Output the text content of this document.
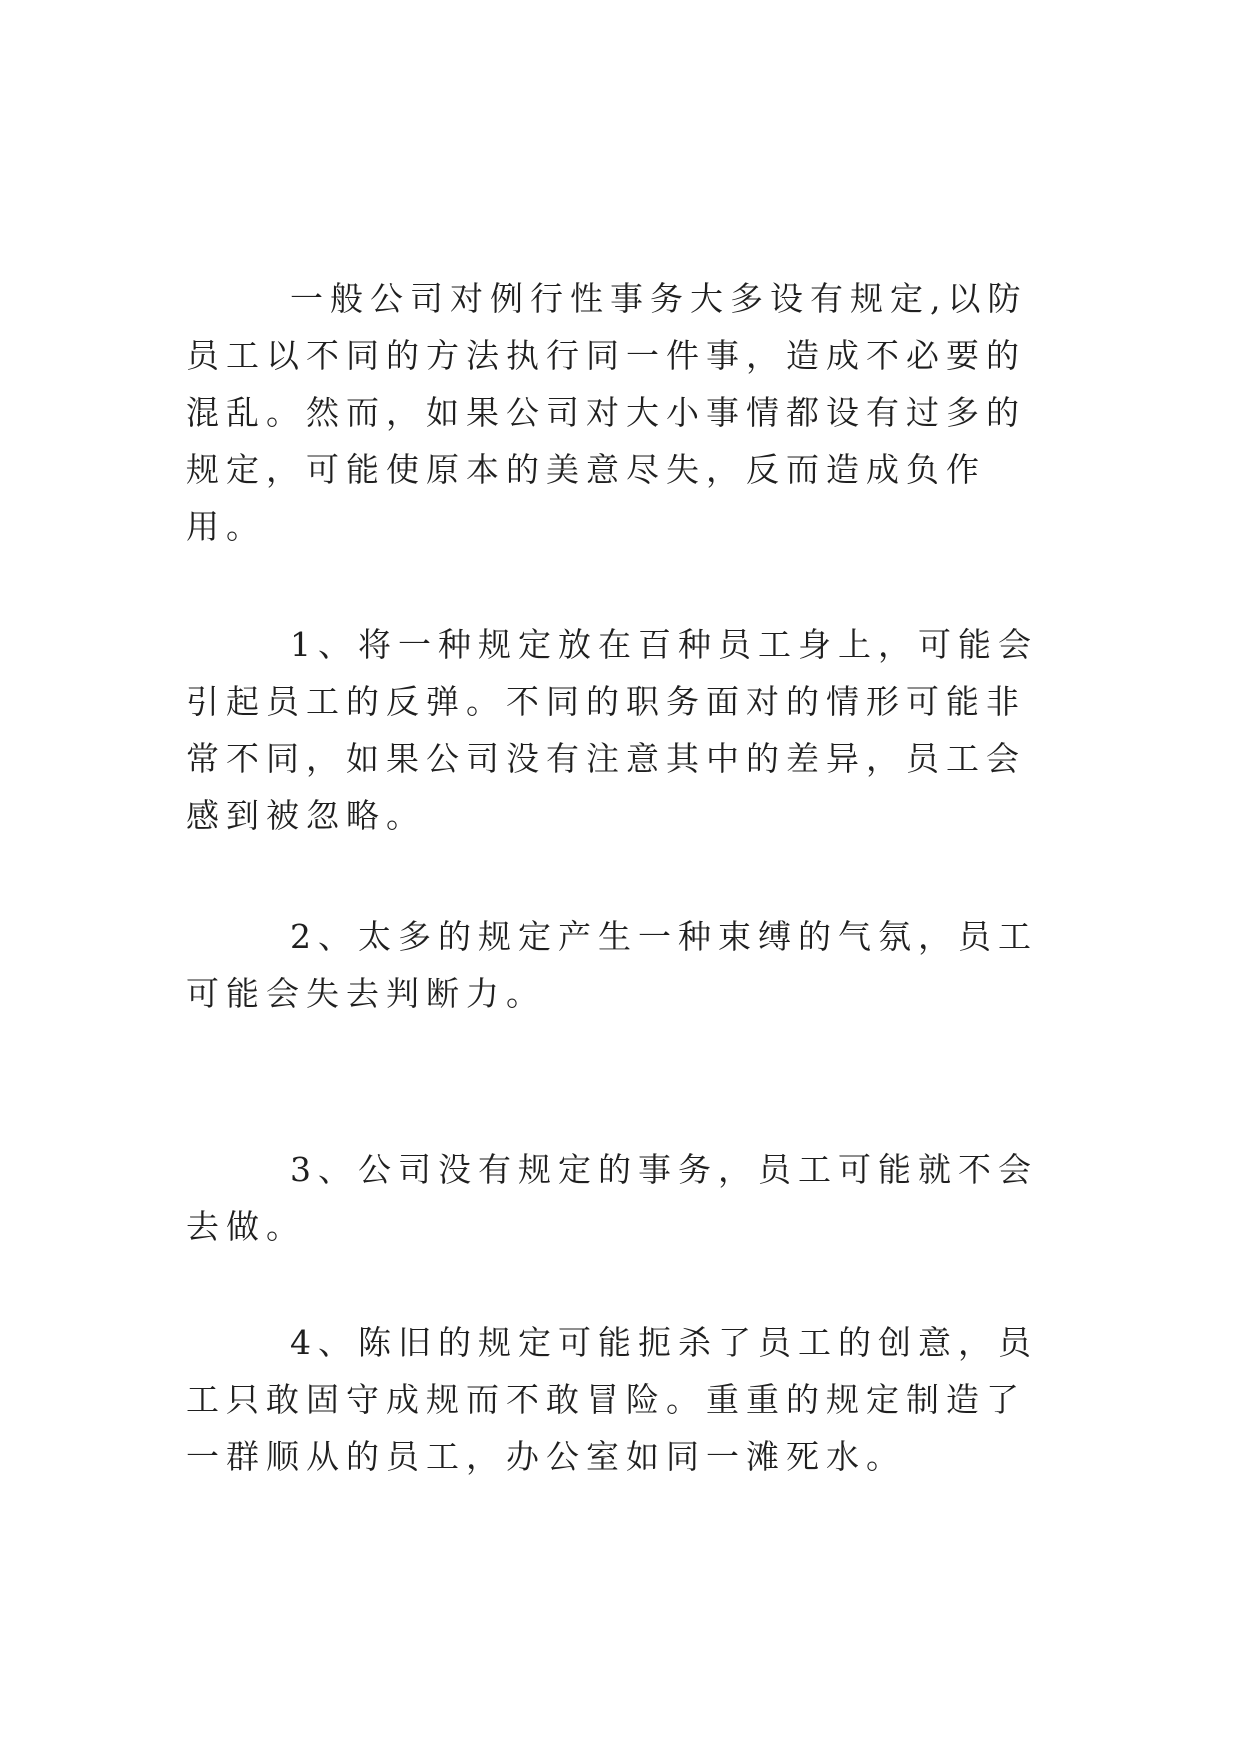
一般公司对例行性事务大多设有规定,以防员工以不同的方法执行同一件事，造成不必要的混乱。然而，如果公司对大小事情都设有过多的规定，可能使原本的美意尽失，反而造成负作用。

1、将一种规定放在百种员工身上，可能会引起员工的反弹。不同的职务面对的情形可能非常不同，如果公司没有注意其中的差异，员工会感到被忽略。

2、太多的规定产生一种束缚的气氛，员工可能会失去判断力。

3、公司没有规定的事务，员工可能就不会去做。

4、陈旧的规定可能扼杀了员工的创意，员工只敢固守成规而不敢冒险。重重的规定制造了一群顺从的员工，办公室如同一滩死水。
